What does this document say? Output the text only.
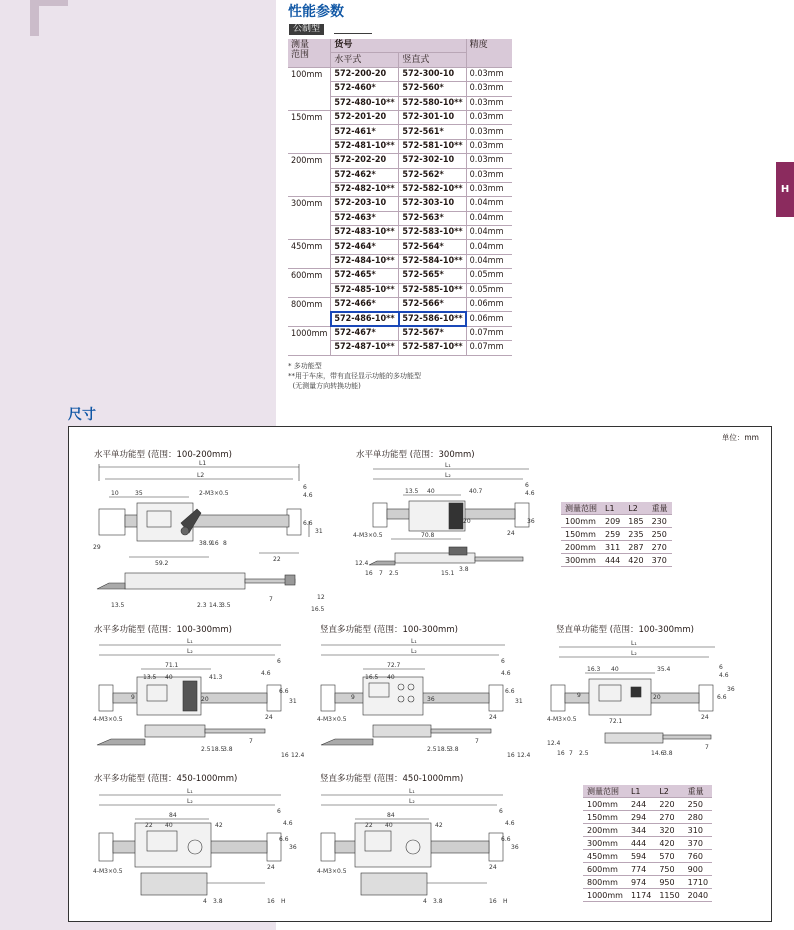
H
性能参数
公制型
测量
范围	货号		精度
	水平式	竖直式	
100mm	572-200-20	572-300-10	0.03mm
	572-460*	572-560*	0.03mm
	572-480-10**	572-580-10**	0.03mm
150mm	572-201-20	572-301-10	0.03mm
	572-461*	572-561*	0.03mm
	572-481-10**	572-581-10**	0.03mm
200mm	572-202-20	572-302-10	0.03mm
	572-462*	572-562*	0.03mm
	572-482-10**	572-582-10**	0.03mm
300mm	572-203-10	572-303-10	0.04mm
	572-463*	572-563*	0.04mm
	572-483-10**	572-583-10**	0.04mm
450mm	572-464*	572-564*	0.04mm
	572-484-10**	572-584-10**	0.04mm
600mm	572-465*	572-565*	0.05mm
	572-485-10**	572-585-10**	0.05mm
800mm	572-466*	572-566*	0.06mm
	572-486-10**	572-586-10**	0.06mm
1000mm	572-467*	572-567*	0.07mm
	572-487-10**	572-587-10**	0.07mm
* 多功能型
**用于车床，带有直径显示功能的多功能型
(无测量方向转换功能)
尺寸
单位：mm
水平单功能型 (范围：100-200mm)	水平单功能型 (范围：300mm)
水平多功能型 (范围：100-300mm)	竖直多功能型 (范围：100-300mm)	竖直单功能型 (范围：100-300mm)
水平多功能型 (范围：450-1000mm)	竖直多功能型 (范围：450-1000mm)
L1
L2
10	35	2-M3×0.5
6
4.6
6.6
31
29
38.9
16 8
59.2
22
13.5	2.3 14.3
3.5
7
16.5
12
L₁
L₂
13.5 40	40.7
6
4.6
20
4-M3×0.5	70.8	24
36
12.4
16 7 2.5	15.1
3.8
测量范围	L1	L2	重量
100mm	209	185	230
150mm	259	235	250
200mm	311	287	270
300mm	444	420	370
L₁
L₂
71.1
13.5 40	41.3
6
4.6
6.6
31
9	20
4-M3×0.5	24
2.5 18.5
3.8
7
16 12.4
L₁
L₂
72.7
16.5 40
6
4.6
6.6
31
9	36
4-M3×0.5	24
2.5 18.5
3.8
7
16 12.4
L₁
L₂
16.3 40	35.4	6
4.6
6.6
36
9	20
4-M3×0.5	72.1
24
12.4
16 7 2.5	14.6
3.8
7
L₁
L₂
84
22 40	42
6
4.6
6.6
36
4-M3×0.5
24
4 3.8	16 H
L₁
L₂
84
22 40	42
6
4.6
6.6
36
4-M3×0.5
24
4 3.8	16 H
测量范围	L1	L2	重量
100mm	244	220	250
150mm	294	270	280
200mm	344	320	310
300mm	444	420	370
450mm	594	570	760
600mm	774	750	900
800mm	974	950	1710
1000mm	1174	1150	2040
